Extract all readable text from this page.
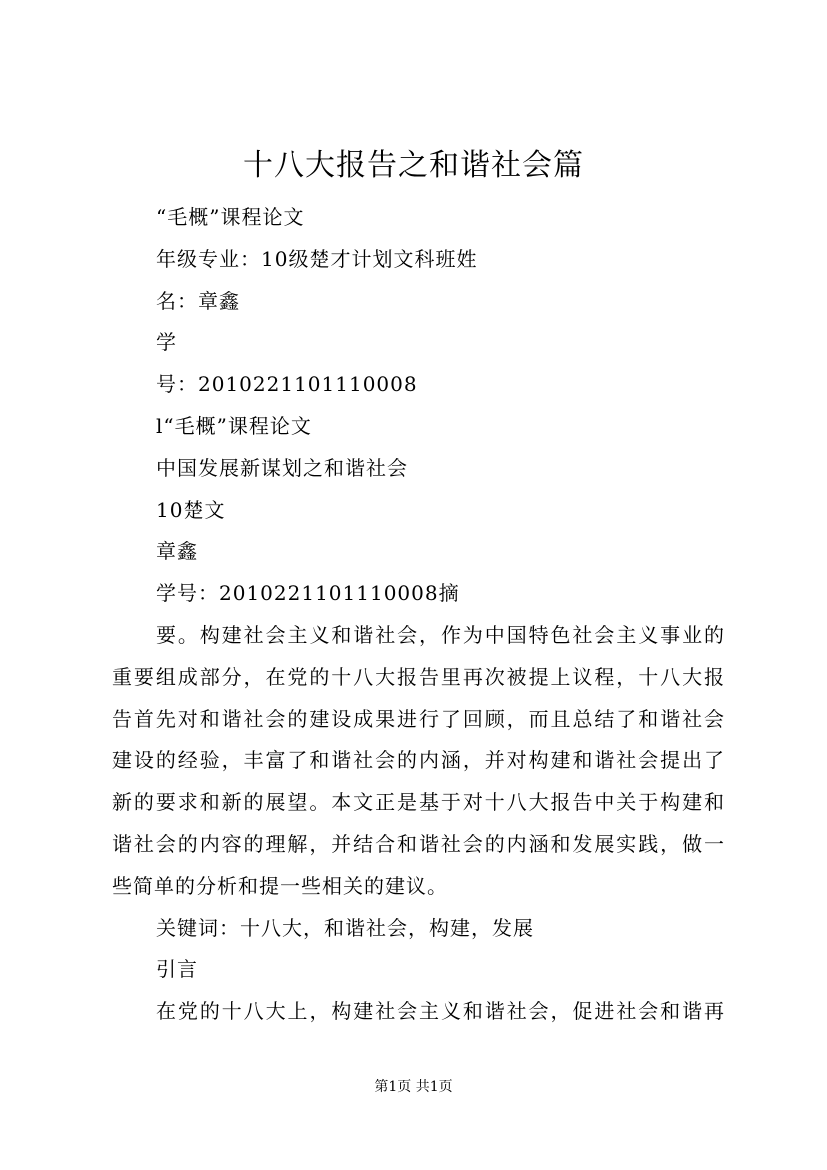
十八大报告之和谐社会篇
“毛概”课程论文
年级专业：10级楚才计划文科班姓
名：章鑫
学
号：2010221101110008
l“毛概”课程论文
中国发展新谋划之和谐社会
10楚文
章鑫
学号：2010221101110008摘
要。构建社会主义和谐社会，作为中国特色社会主义事业的
重要组成部分，在党的十八大报告里再次被提上议程，十八大报
告首先对和谐社会的建设成果进行了回顾，而且总结了和谐社会
建设的经验，丰富了和谐社会的内涵，并对构建和谐社会提出了
新的要求和新的展望。本文正是基于对十八大报告中关于构建和
谐社会的内容的理解，并结合和谐社会的内涵和发展实践，做一
些简单的分析和提一些相关的建议。
关键词：十八大，和谐社会，构建，发展
引言
在党的十八大上，构建社会主义和谐社会，促进社会和谐再
第1页 共1页
